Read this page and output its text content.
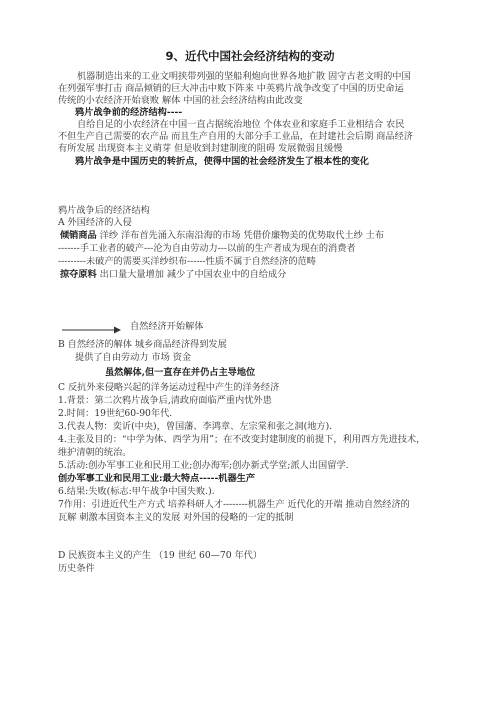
9、近代中国社会经济结构的变动
机器制造出来的工业文明挟带列强的坚船利炮向世界各地扩散 固守古老文明的中国
在列强军事打击 商品倾销的巨大冲击中败下阵来 中英鸦片战争改变了中国的历史命运
传统的小农经济开始衰败 解体 中国的社会经济结构由此改变
鸦片战争前的经济结构----
自给自足的小农经济在中国一直占据统治地位 个体农业和家庭手工业相结合 农民
不但生产自己需要的农产品 而且生产自用的大部分手工业品，在封建社会后期 商品经济
有所发展 出现资本主义萌芽 但是收到封建制度的阻碍 发展微弱且缓慢
鸦片战争是中国历史的转折点，使得中国的社会经济发生了根本性的变化
鸦片战争后的经济结构
A 外国经济的入侵
倾销商品 洋纱 洋布首先涌入东南沿海的市场 凭借价廉物美的优势取代土纱 土布
-------手工业者的破产---沦为自由劳动力---以前的生产者成为现在的消费者
---------未破产的需要买洋纱织布------性质不属于自然经济的范畴
掠夺原料 出口量大量增加 减少了中国农业中的自给成分
自然经济开始解体
B 自然经济的解体 城乡商品经济得到发展
提供了自由劳动力 市场 资金
虽然解体,但一直存在并仍占主导地位
C 反抗外来侵略兴起的洋务运动过程中产生的洋务经济
1.背景：第二次鸦片战争后,清政府面临严重内忧外患
2.时间：19世纪60-90年代.
3.代表人物：奕䜣(中央)，曾国藩、李鸿章、左宗棠和张之洞(地方).
4.主张及目的：“中学为体、西学为用”；在不改变封建制度的前提下，利用西方先进技术，
维护清朝的统治。
5.活动:创办军事工业和民用工业;创办海军;创办新式学堂;派人出国留学.
创办军事工业和民用工业:最大特点-----机器生产
6.结果:失败(标志:甲午战争中国失败.).
7作用：引进近代生产方式 培养科研人才--------机器生产 近代化的开端 推动自然经济的
瓦解 刺激本国资本主义的发展 对外国的侵略的一定的抵制
D 民族资本主义的产生 （19 世纪 60—70 年代）
历史条件
